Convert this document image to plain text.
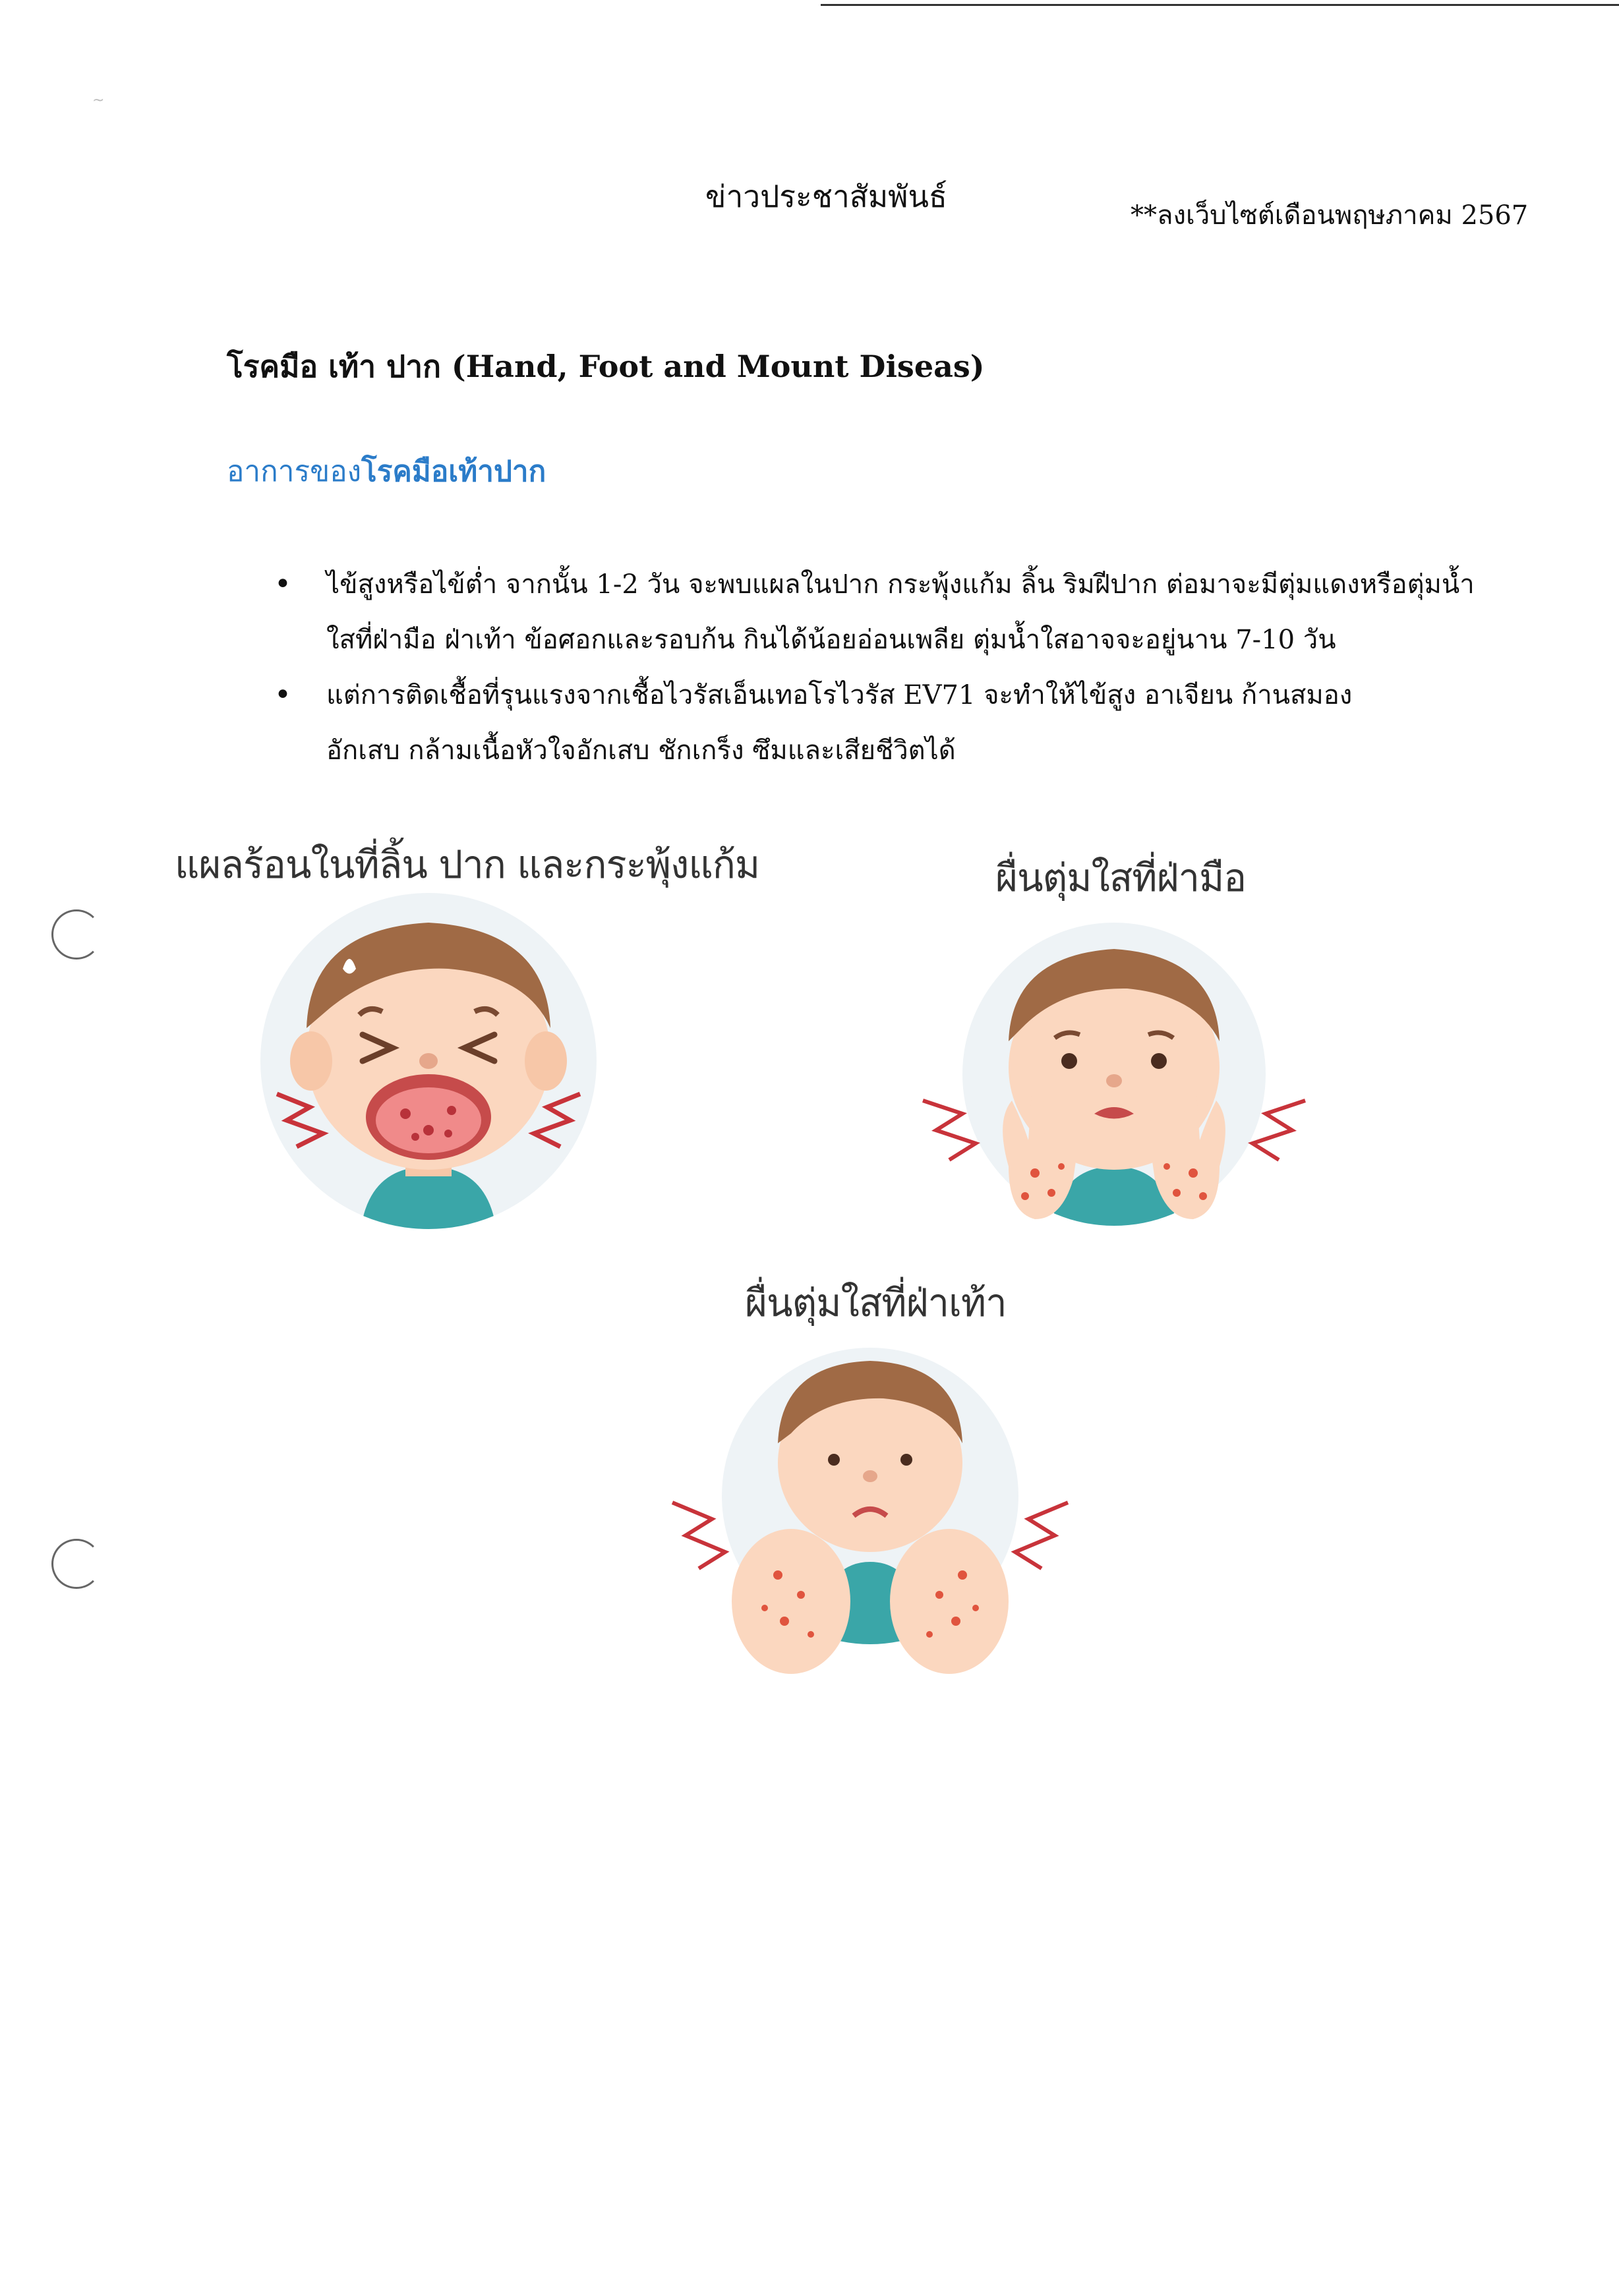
~
ข่าวประชาสัมพันธ์
**ลงเว็บไซต์เดือนพฤษภาคม 2567
โรคมือ เท้า ปาก (Hand, Foot and Mount Diseas)
อาการของโรคมือเท้าปาก
• ไข้สูงหรือไข้ต่ำ จากนั้น 1-2 วัน จะพบแผลในปาก กระพุ้งแก้ม ลิ้น ริมฝีปาก ต่อมาจะมีตุ่มแดงหรือตุ่มน้ำ
ใสที่ฝ่ามือ ฝ่าเท้า ข้อศอกและรอบก้น กินได้น้อยอ่อนเพลีย ตุ่มน้ำใสอาจจะอยู่นาน 7-10 วัน
• แต่การติดเชื้อที่รุนแรงจากเชื้อไวรัสเอ็นเทอโรไวรัส EV71 จะทำให้ไข้สูง อาเจียน ก้านสมอง
อักเสบ กล้ามเนื้อหัวใจอักเสบ ชักเกร็ง ซึมและเสียชีวิตได้
แผลร้อนในที่ลิ้น ปาก และกระพุ้งแก้ม	ผื่นตุ่มใสที่ฝ่ามือ
ผื่นตุ่มใสที่ฝ่าเท้า
